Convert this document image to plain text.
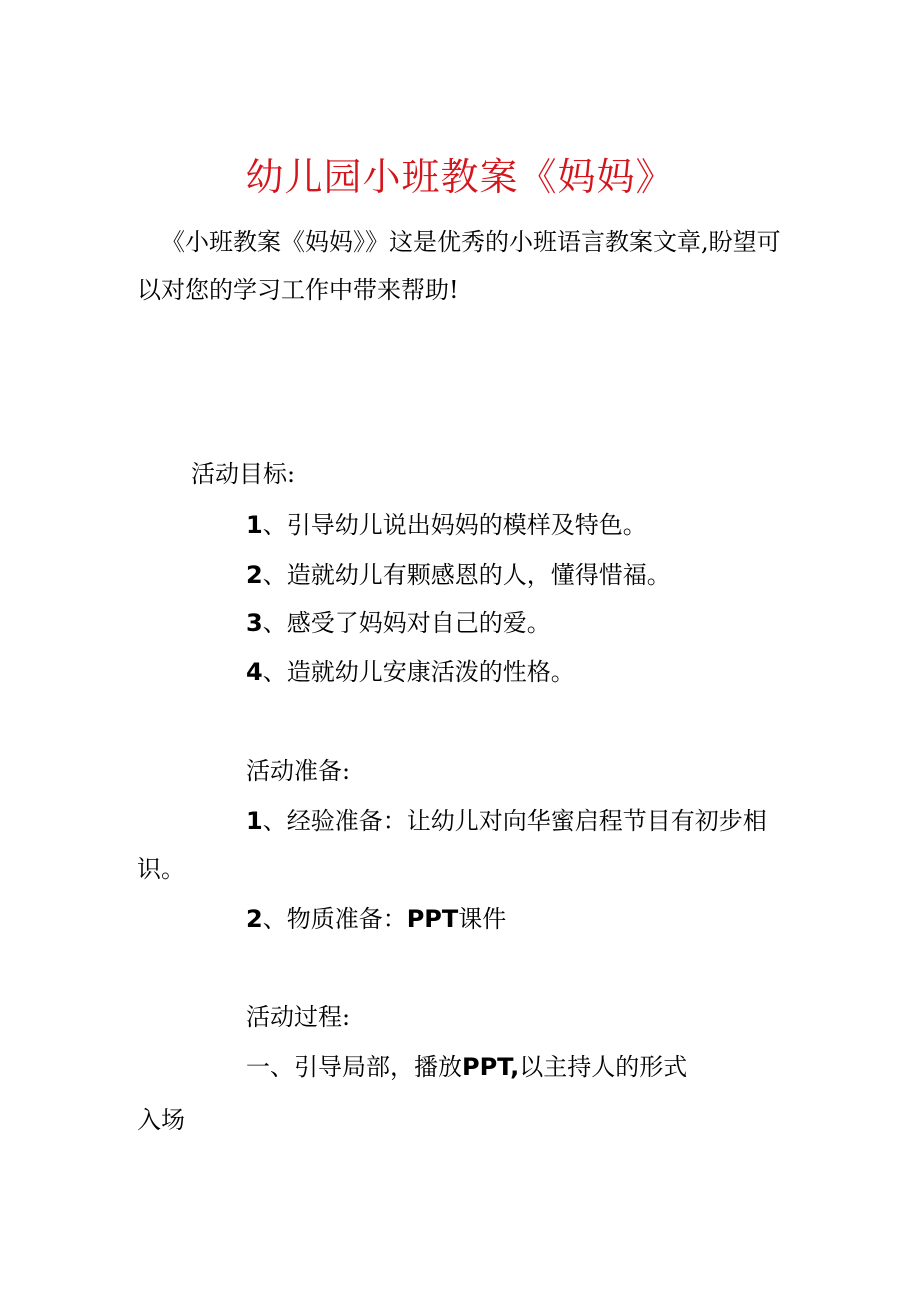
幼儿园小班教案《妈妈》

《小班教案《妈妈》》这是优秀的小班语言教案文章,盼望可以对您的学习工作中带来帮助!

活动目标:

1、引导幼儿说出妈妈的模样及特色。

2、造就幼儿有颗感恩的人，懂得惜福。

3、感受了妈妈对自己的爱。

4、造就幼儿安康活泼的性格。

活动准备:

1、经验准备：让幼儿对向华蜜启程节目有初步相

识。

2、物质准备：PPT课件

活动过程:

一、引导局部，播放PPT,以主持人的形式

入场
